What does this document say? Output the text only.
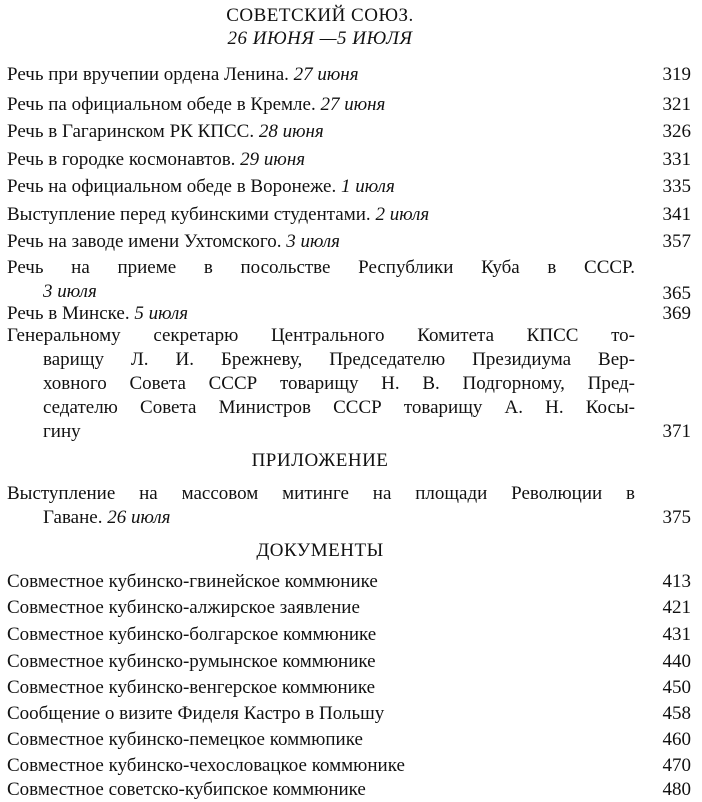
СОВЕТСКИЙ СОЮЗ.
26 ИЮНЯ —5 ИЮЛЯ
Речь при вручепии ордена Ленина. 27 июня	319
Речь па официальном обеде в Кремле. 27 июня	321
Речь в Гагаринском РК КПСС. 28 июня	326
Речь в городке космонавтов. 29 июня	331
Речь на официальном обеде в Воронеже. 1 июля	335
Выступление перед кубинскими студентами. 2 июля	341
Речь на заводе имени Ухтомского. 3 июля	357
Речь на приеме в посольстве Республики Куба в СССР.
3 июля	365
Речь в Минске. 5 июля	369
Генеральному секретарю Центрального Комитета КПСС то-
варищу Л. И. Брежневу, Председателю Президиума Вер-
ховного Совета СССР товарищу Н. В. Подгорному, Пред-
седателю Совета Министров СССР товарищу А. Н. Косы-
гину	371
ПРИЛОЖЕНИЕ
Выступление на массовом митинге на площади Революции в
Гаване. 26 июля	375
ДОКУМЕНТЫ
Совместное кубинско-гвинейское коммюнике	413
Совместное кубинско-алжирское заявление	421
Совместное кубинско-болгарское коммюнике	431
Совместное кубинско-румынское коммюнике	440
Совместное кубинско-венгерское коммюнике	450
Сообщение о визите Фиделя Кастро в Польшу	458
Совместное кубинско-пемецкое коммюпике	460
Совместное кубинско-чехословацкое коммюнике	470
Совместное советско-кубипское коммюнике	480
